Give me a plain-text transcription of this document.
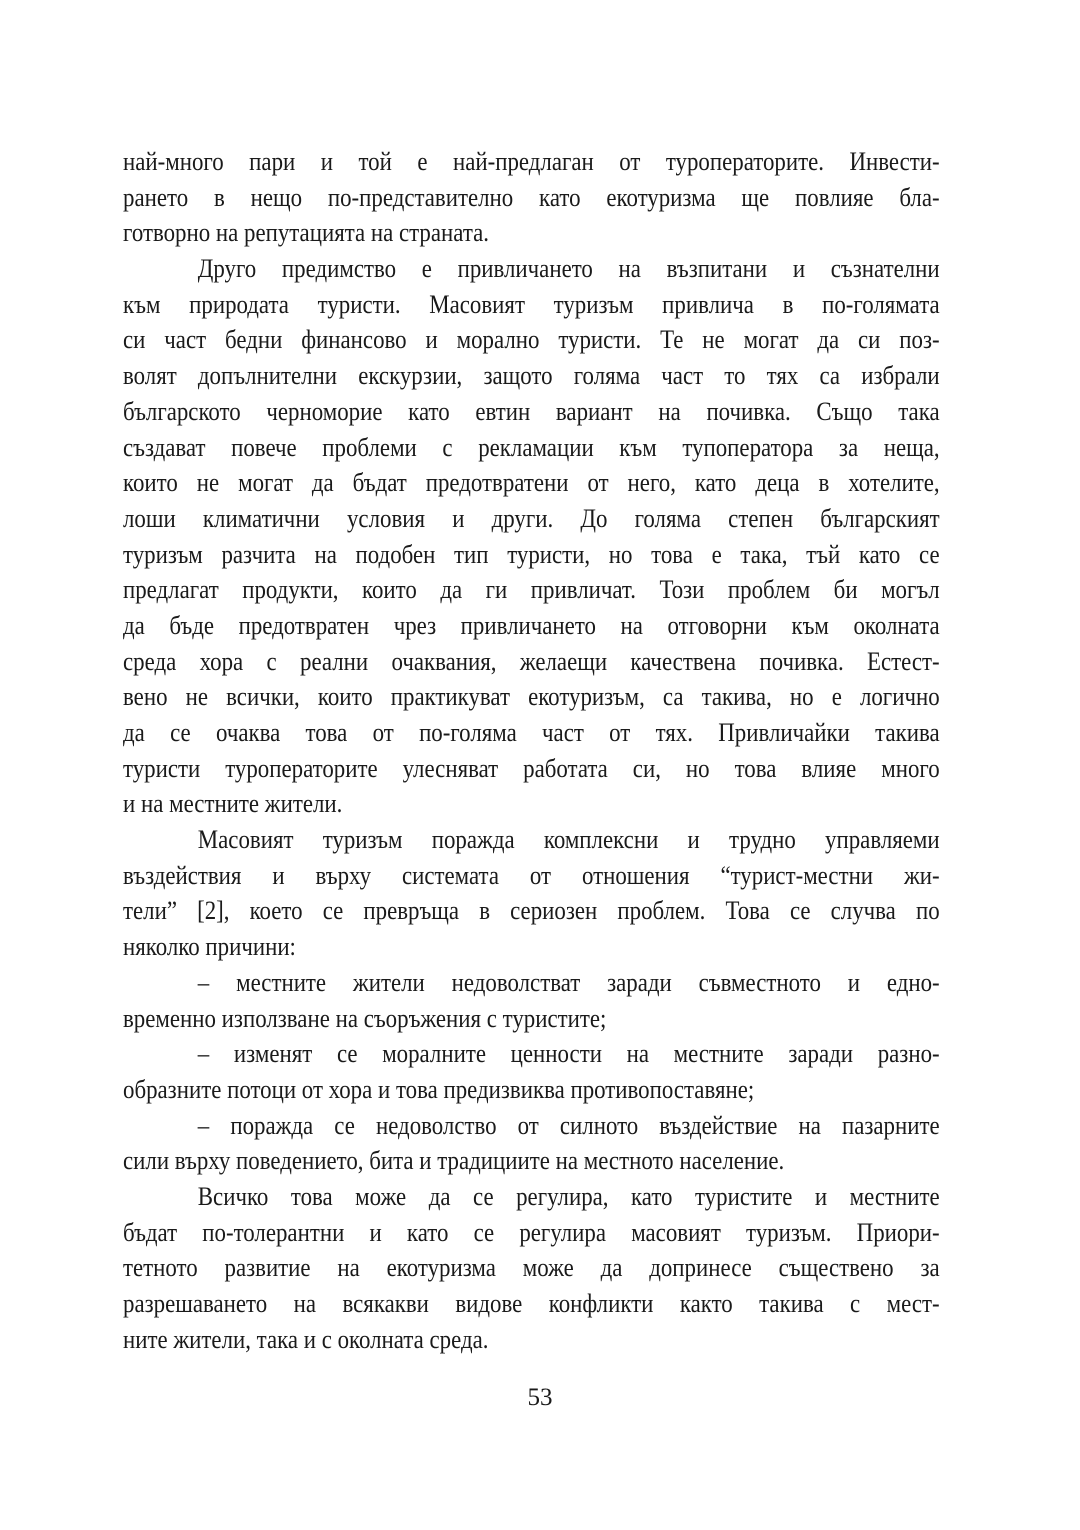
най-много пари и той е най-предлаган от туроператорите. Инвести-
рането в нещо по-представително като екотуризма ще повлияе бла-
готворно на репутацията на страната.
Друго предимство е привличането на възпитани и съзнателни
към природата туристи. Масовият туризъм привлича в по-голямата
си част бедни финансово и морално туристи. Те не могат да си поз-
волят допълнителни екскурзии, защото голяма част то тях са избрали
българското черноморие като евтин вариант на почивка. Също така
създават повече проблеми с рекламации към тупоператора за неща,
които не могат да бъдат предотвратени от него, като деца в хотелите,
лоши климатични условия и други. До голяма степен българският
туризъм разчита на подобен тип туристи, но това е така, тъй като се
предлагат продукти, които да ги привличат. Този проблем би могъл
да бъде предотвратен чрез привличането на отговорни към околната
среда хора с реални очаквания, желаещи качествена почивка. Естест-
вено не всички, които практикуват екотуризъм, са такива, но е логично
да се очаква това от по-голяма част от тях. Привличайки такива
туристи туроператорите улесняват работата си, но това влияе много
и на местните жители.
Масовият туризъм поражда комплексни и трудно управляеми
въздействия и върху системата от отношения “турист-местни жи-
тели” [2], което се превръща в сериозен проблем. Това се случва по
няколко причини:
– местните жители недоволстват заради съвместното и едно-
временно използване на съоръжения с туристите;
– изменят се моралните ценности на местните заради разно-
образните потоци от хора и това предизвиква противопоставяне;
– поражда се недоволство от силното въздействие на пазарните
сили върху поведението, бита и традициите на местното население.
Всичко това може да се регулира, като туристите и местните
бъдат по-толерантни и като се регулира масовият туризъм. Приори-
тетното развитие на екотуризма може да допринесе съществено за
разрешаването на всякакви видове конфликти както такива с мест-
ните жители, така и с околната среда.
53
